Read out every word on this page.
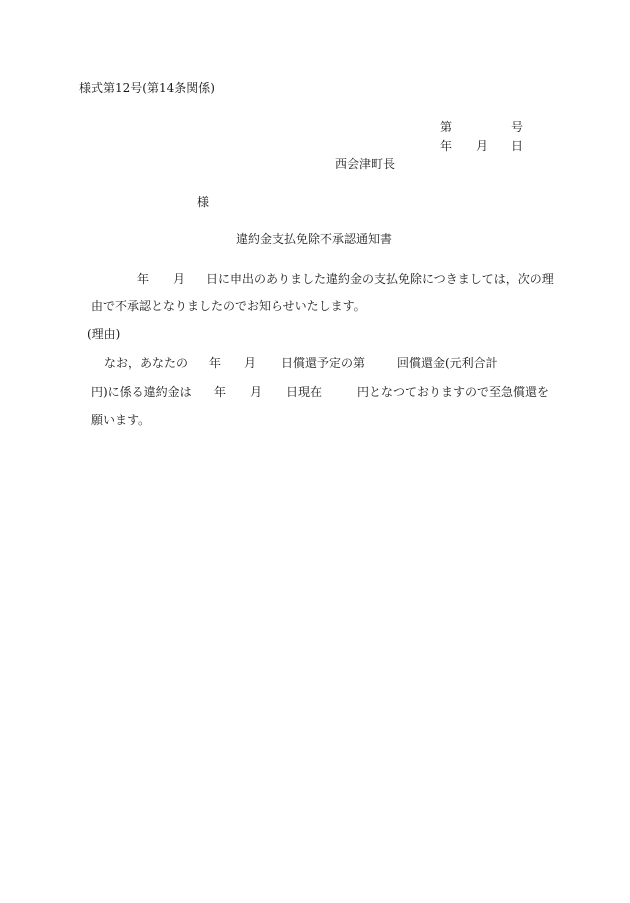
様式第12号(第14条関係)
第	号
年 月 日
西会津町長
様
違約金支払免除不承認通知書
年 月 日に申出のありました違約金の支払免除につきましては，次の理
由で不承認となりましたのでお知らせいたします。
(理由)
なお，あなたの 年 月 日償還予定の第	回償還金(元利合計
円)に係る違約金は 年 月 日現在	円となつておりますので至急償還を
願います。
